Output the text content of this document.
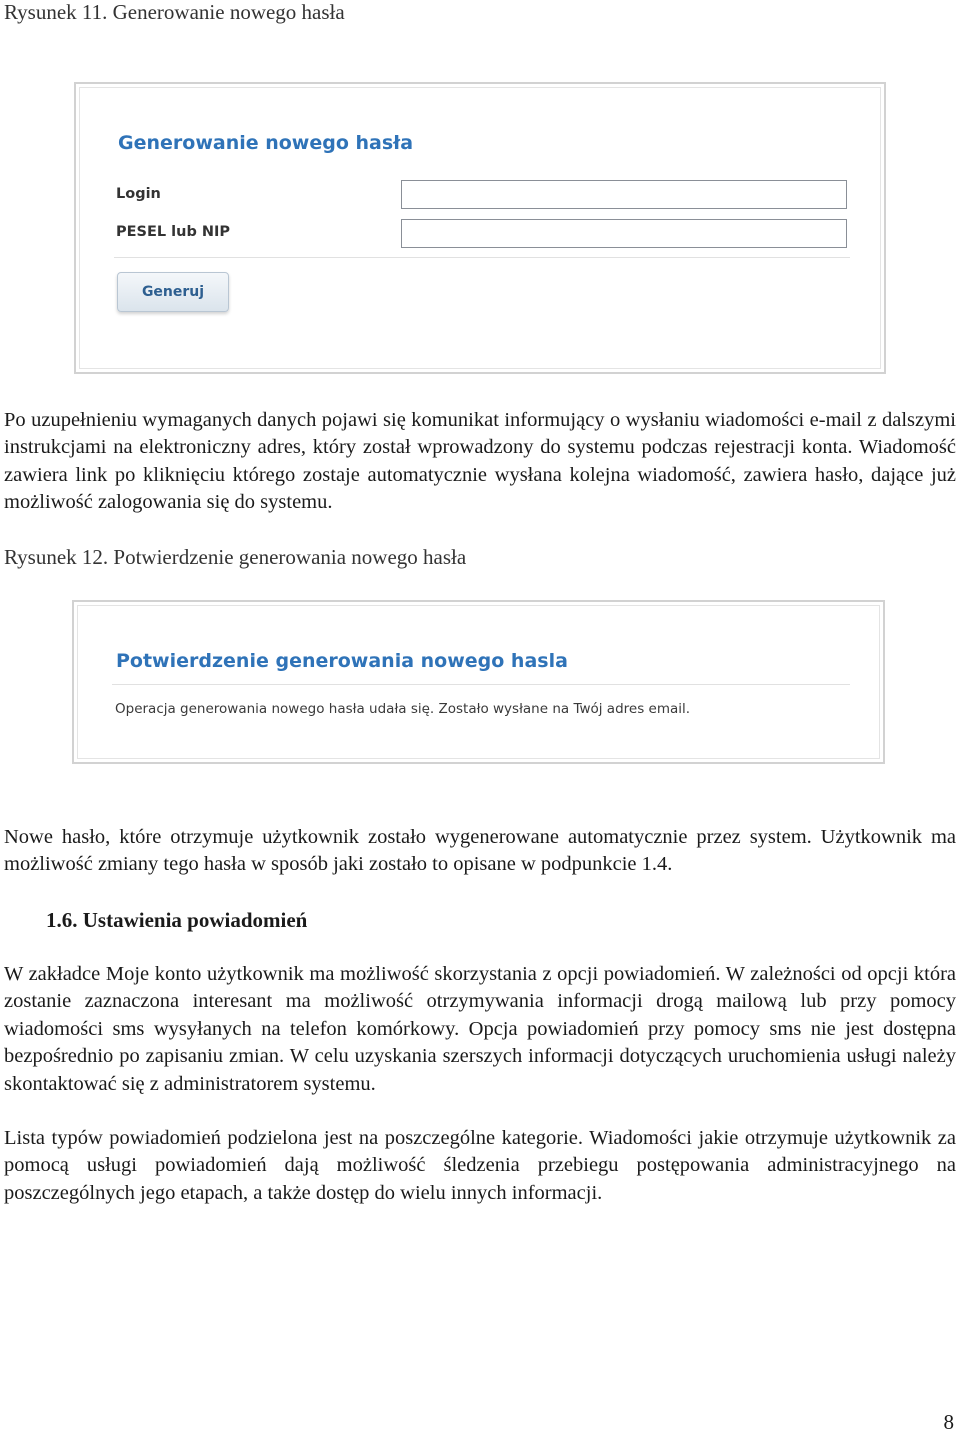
Rysunek 11. Generowanie nowego hasła
Generowanie nowego hasła
Login
PESEL lub NIP
Generuj
Po uzupełnieniu wymaganych danych pojawi się komunikat informujący o wysłaniu wiadomości e-mail z dalszymi instrukcjami na elektroniczny adres, który został wprowadzony do systemu podczas rejestracji konta. Wiadomość zawiera link po kliknięciu którego zostaje automatycznie wysłana kolejna wiadomość, zawiera hasło, dające już możliwość zalogowania się do systemu.
Rysunek 12. Potwierdzenie generowania nowego hasła
Potwierdzenie generowania nowego hasla
Operacja generowania nowego hasła udała się. Zostało wysłane na Twój adres email.
Nowe hasło, które otrzymuje użytkownik zostało wygenerowane automatycznie przez system. Użytkownik ma możliwość zmiany tego hasła w sposób jaki zostało to opisane w podpunkcie 1.4.
1.6. Ustawienia powiadomień
W zakładce Moje konto użytkownik ma możliwość skorzystania z opcji powiadomień. W zależności od opcji która zostanie zaznaczona interesant ma możliwość otrzymywania informacji drogą mailową lub przy pomocy wiadomości sms wysyłanych na telefon komórkowy. Opcja powiadomień przy pomocy sms nie jest dostępna bezpośrednio po zapisaniu zmian. W celu uzyskania szerszych informacji dotyczących uruchomienia usługi należy skontaktować się z administratorem systemu.
Lista typów powiadomień podzielona jest na poszczególne kategorie. Wiadomości jakie otrzymuje użytkownik za pomocą usługi powiadomień dają możliwość śledzenia przebiegu postępowania administracyjnego na poszczególnych jego etapach, a także dostęp do wielu innych informacji.
8
